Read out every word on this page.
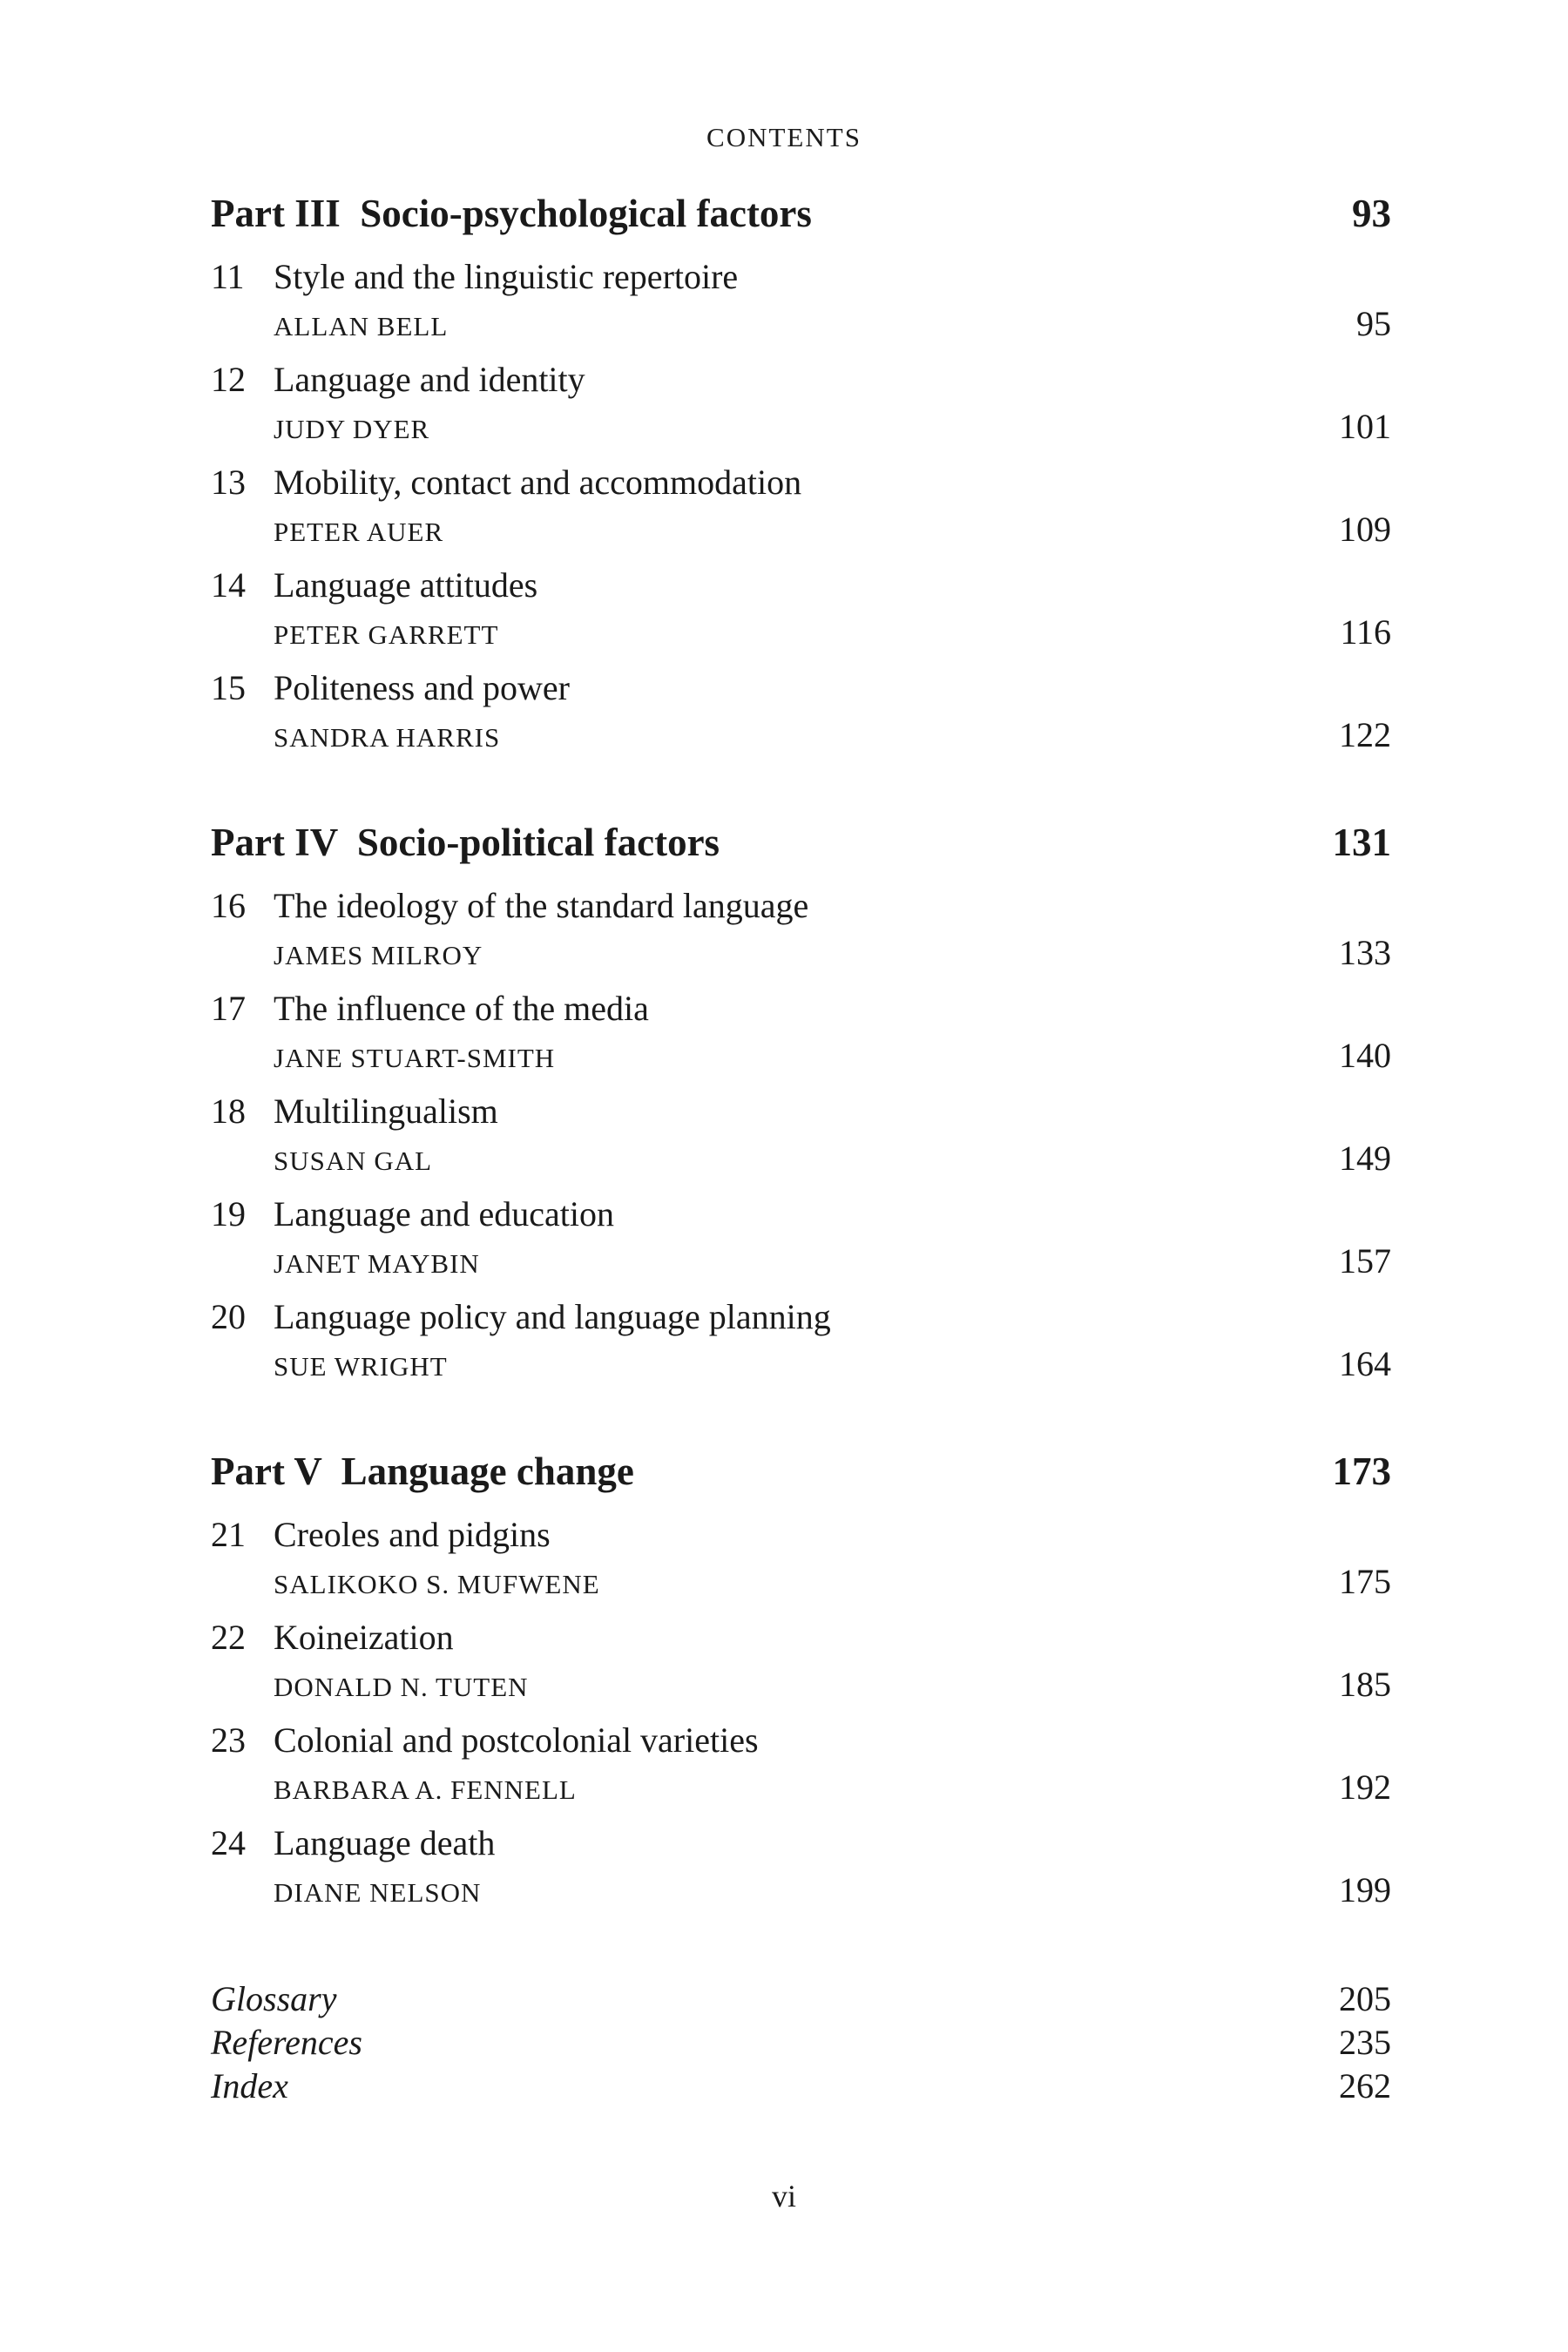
CONTENTS
Part III  Socio-psychological factors	93
11 Style and the linguistic repertoire
ALLAN BELL	95
12 Language and identity
JUDY DYER	101
13 Mobility, contact and accommodation
PETER AUER	109
14 Language attitudes
PETER GARRETT	116
15 Politeness and power
SANDRA HARRIS	122
Part IV  Socio-political factors	131
16 The ideology of the standard language
JAMES MILROY	133
17 The influence of the media
JANE STUART-SMITH	140
18 Multilingualism
SUSAN GAL	149
19 Language and education
JANET MAYBIN	157
20 Language policy and language planning
SUE WRIGHT	164
Part V  Language change	173
21 Creoles and pidgins
SALIKOKO S. MUFWENE	175
22 Koineization
DONALD N. TUTEN	185
23 Colonial and postcolonial varieties
BARBARA A. FENNELL	192
24 Language death
DIANE NELSON	199
Glossary	205
References	235
Index	262
vi
